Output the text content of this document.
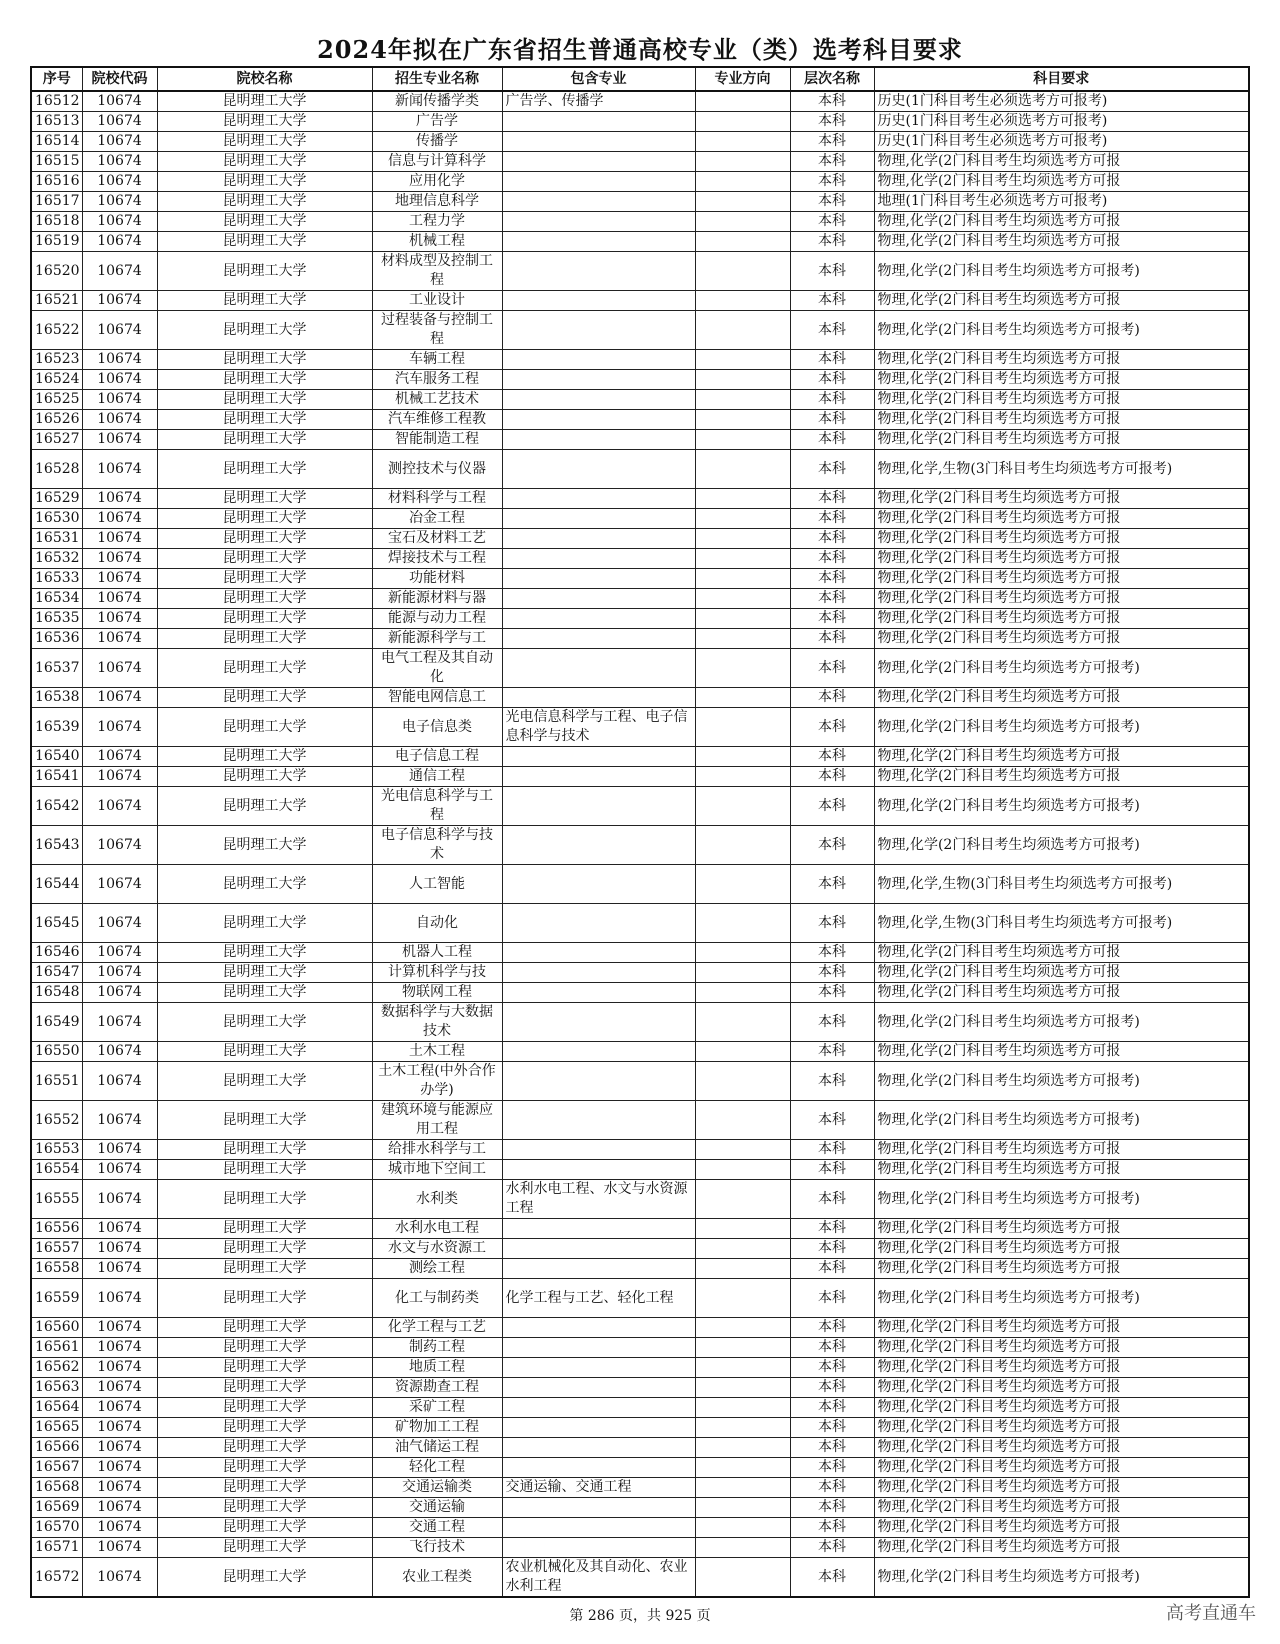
2024年拟在广东省招生普通高校专业（类）选考科目要求
序号	院校代码	院校名称	招生专业名称	包含专业	专业方向	层次名称	科目要求
16512	10674	昆明理工大学	新闻传播学类	广告学、传播学		本科	历史(1门科目考生必须选考方可报考)
16513	10674	昆明理工大学	广告学			本科	历史(1门科目考生必须选考方可报考)
16514	10674	昆明理工大学	传播学			本科	历史(1门科目考生必须选考方可报考)
16515	10674	昆明理工大学	信息与计算科学			本科	物理,化学(2门科目考生均须选考方可报
16516	10674	昆明理工大学	应用化学			本科	物理,化学(2门科目考生均须选考方可报
16517	10674	昆明理工大学	地理信息科学			本科	地理(1门科目考生必须选考方可报考)
16518	10674	昆明理工大学	工程力学			本科	物理,化学(2门科目考生均须选考方可报
16519	10674	昆明理工大学	机械工程			本科	物理,化学(2门科目考生均须选考方可报
16520	10674	昆明理工大学	材料成型及控制工程			本科	物理,化学(2门科目考生均须选考方可报考)
16521	10674	昆明理工大学	工业设计			本科	物理,化学(2门科目考生均须选考方可报
16522	10674	昆明理工大学	过程装备与控制工程			本科	物理,化学(2门科目考生均须选考方可报考)
16523	10674	昆明理工大学	车辆工程			本科	物理,化学(2门科目考生均须选考方可报
16524	10674	昆明理工大学	汽车服务工程			本科	物理,化学(2门科目考生均须选考方可报
16525	10674	昆明理工大学	机械工艺技术			本科	物理,化学(2门科目考生均须选考方可报
16526	10674	昆明理工大学	汽车维修工程教			本科	物理,化学(2门科目考生均须选考方可报
16527	10674	昆明理工大学	智能制造工程			本科	物理,化学(2门科目考生均须选考方可报
16528	10674	昆明理工大学	测控技术与仪器			本科	物理,化学,生物(3门科目考生均须选考方可报考)
16529	10674	昆明理工大学	材料科学与工程			本科	物理,化学(2门科目考生均须选考方可报
16530	10674	昆明理工大学	冶金工程			本科	物理,化学(2门科目考生均须选考方可报
16531	10674	昆明理工大学	宝石及材料工艺			本科	物理,化学(2门科目考生均须选考方可报
16532	10674	昆明理工大学	焊接技术与工程			本科	物理,化学(2门科目考生均须选考方可报
16533	10674	昆明理工大学	功能材料			本科	物理,化学(2门科目考生均须选考方可报
16534	10674	昆明理工大学	新能源材料与器			本科	物理,化学(2门科目考生均须选考方可报
16535	10674	昆明理工大学	能源与动力工程			本科	物理,化学(2门科目考生均须选考方可报
16536	10674	昆明理工大学	新能源科学与工			本科	物理,化学(2门科目考生均须选考方可报
16537	10674	昆明理工大学	电气工程及其自动化			本科	物理,化学(2门科目考生均须选考方可报考)
16538	10674	昆明理工大学	智能电网信息工			本科	物理,化学(2门科目考生均须选考方可报
16539	10674	昆明理工大学	电子信息类	光电信息科学与工程、电子信息科学与技术		本科	物理,化学(2门科目考生均须选考方可报考)
16540	10674	昆明理工大学	电子信息工程			本科	物理,化学(2门科目考生均须选考方可报
16541	10674	昆明理工大学	通信工程			本科	物理,化学(2门科目考生均须选考方可报
16542	10674	昆明理工大学	光电信息科学与工程			本科	物理,化学(2门科目考生均须选考方可报考)
16543	10674	昆明理工大学	电子信息科学与技术			本科	物理,化学(2门科目考生均须选考方可报考)
16544	10674	昆明理工大学	人工智能			本科	物理,化学,生物(3门科目考生均须选考方可报考)
16545	10674	昆明理工大学	自动化			本科	物理,化学,生物(3门科目考生均须选考方可报考)
16546	10674	昆明理工大学	机器人工程			本科	物理,化学(2门科目考生均须选考方可报
16547	10674	昆明理工大学	计算机科学与技			本科	物理,化学(2门科目考生均须选考方可报
16548	10674	昆明理工大学	物联网工程			本科	物理,化学(2门科目考生均须选考方可报
16549	10674	昆明理工大学	数据科学与大数据技术			本科	物理,化学(2门科目考生均须选考方可报考)
16550	10674	昆明理工大学	土木工程			本科	物理,化学(2门科目考生均须选考方可报
16551	10674	昆明理工大学	土木工程(中外合作办学)			本科	物理,化学(2门科目考生均须选考方可报考)
16552	10674	昆明理工大学	建筑环境与能源应用工程			本科	物理,化学(2门科目考生均须选考方可报考)
16553	10674	昆明理工大学	给排水科学与工			本科	物理,化学(2门科目考生均须选考方可报
16554	10674	昆明理工大学	城市地下空间工			本科	物理,化学(2门科目考生均须选考方可报
16555	10674	昆明理工大学	水利类	水利水电工程、水文与水资源工程		本科	物理,化学(2门科目考生均须选考方可报考)
16556	10674	昆明理工大学	水利水电工程			本科	物理,化学(2门科目考生均须选考方可报
16557	10674	昆明理工大学	水文与水资源工			本科	物理,化学(2门科目考生均须选考方可报
16558	10674	昆明理工大学	测绘工程			本科	物理,化学(2门科目考生均须选考方可报
16559	10674	昆明理工大学	化工与制药类	化学工程与工艺、轻化工程		本科	物理,化学(2门科目考生均须选考方可报考)
16560	10674	昆明理工大学	化学工程与工艺			本科	物理,化学(2门科目考生均须选考方可报
16561	10674	昆明理工大学	制药工程			本科	物理,化学(2门科目考生均须选考方可报
16562	10674	昆明理工大学	地质工程			本科	物理,化学(2门科目考生均须选考方可报
16563	10674	昆明理工大学	资源勘查工程			本科	物理,化学(2门科目考生均须选考方可报
16564	10674	昆明理工大学	采矿工程			本科	物理,化学(2门科目考生均须选考方可报
16565	10674	昆明理工大学	矿物加工工程			本科	物理,化学(2门科目考生均须选考方可报
16566	10674	昆明理工大学	油气储运工程			本科	物理,化学(2门科目考生均须选考方可报
16567	10674	昆明理工大学	轻化工程			本科	物理,化学(2门科目考生均须选考方可报
16568	10674	昆明理工大学	交通运输类	交通运输、交通工程		本科	物理,化学(2门科目考生均须选考方可报
16569	10674	昆明理工大学	交通运输			本科	物理,化学(2门科目考生均须选考方可报
16570	10674	昆明理工大学	交通工程			本科	物理,化学(2门科目考生均须选考方可报
16571	10674	昆明理工大学	飞行技术			本科	物理,化学(2门科目考生均须选考方可报
16572	10674	昆明理工大学	农业工程类	农业机械化及其自动化、农业水利工程		本科	物理,化学(2门科目考生均须选考方可报考)
第 286 页，共 925 页	高考直通车
